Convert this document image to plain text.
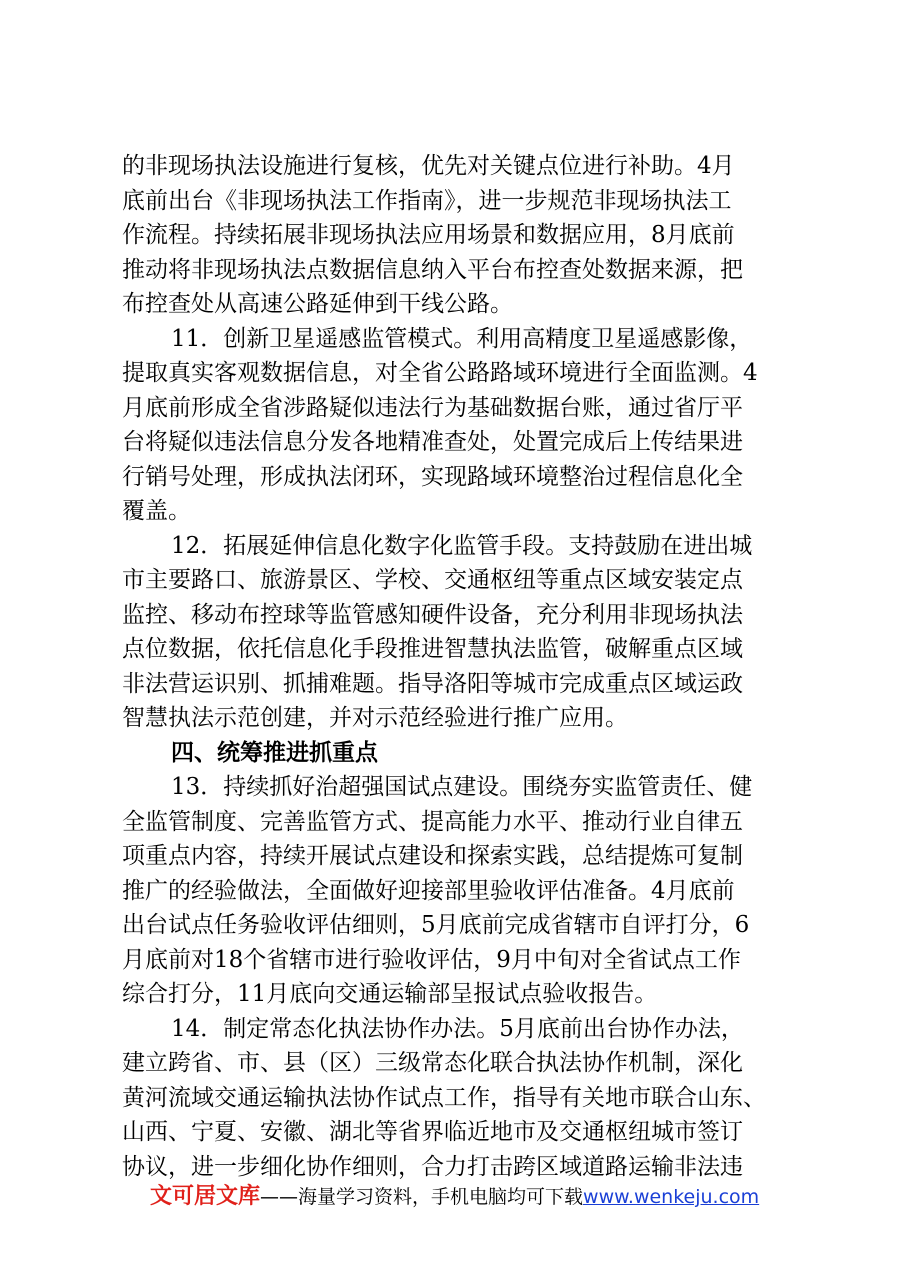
的非现场执法设施进行复核，优先对关键点位进行补助。4月
底前出台《非现场执法工作指南》，进一步规范非现场执法工
作流程。持续拓展非现场执法应用场景和数据应用，8月底前
推动将非现场执法点数据信息纳入平台布控查处数据来源，把
布控查处从高速公路延伸到干线公路。
11．创新卫星遥感监管模式。利用高精度卫星遥感影像，
提取真实客观数据信息，对全省公路路域环境进行全面监测。4
月底前形成全省涉路疑似违法行为基础数据台账，通过省厅平
台将疑似违法信息分发各地精准查处，处置完成后上传结果进
行销号处理，形成执法闭环，实现路域环境整治过程信息化全
覆盖。
12．拓展延伸信息化数字化监管手段。支持鼓励在进出城
市主要路口、旅游景区、学校、交通枢纽等重点区域安装定点
监控、移动布控球等监管感知硬件设备，充分利用非现场执法
点位数据，依托信息化手段推进智慧执法监管，破解重点区域
非法营运识别、抓捕难题。指导洛阳等城市完成重点区域运政
智慧执法示范创建，并对示范经验进行推广应用。
四、统筹推进抓重点
13．持续抓好治超强国试点建设。围绕夯实监管责任、健
全监管制度、完善监管方式、提高能力水平、推动行业自律五
项重点内容，持续开展试点建设和探索实践，总结提炼可复制
推广的经验做法，全面做好迎接部里验收评估准备。4月底前
出台试点任务验收评估细则，5月底前完成省辖市自评打分，6
月底前对18个省辖市进行验收评估，9月中旬对全省试点工作
综合打分，11月底向交通运输部呈报试点验收报告。
14．制定常态化执法协作办法。5月底前出台协作办法，
建立跨省、市、县（区）三级常态化联合执法协作机制，深化
黄河流域交通运输执法协作试点工作，指导有关地市联合山东、
山西、宁夏、安徽、湖北等省界临近地市及交通枢纽城市签订
协议，进一步细化协作细则，合力打击跨区域道路运输非法违
文可居文库——海量学习资料，手机电脑均可下载www.wenkeju.com
